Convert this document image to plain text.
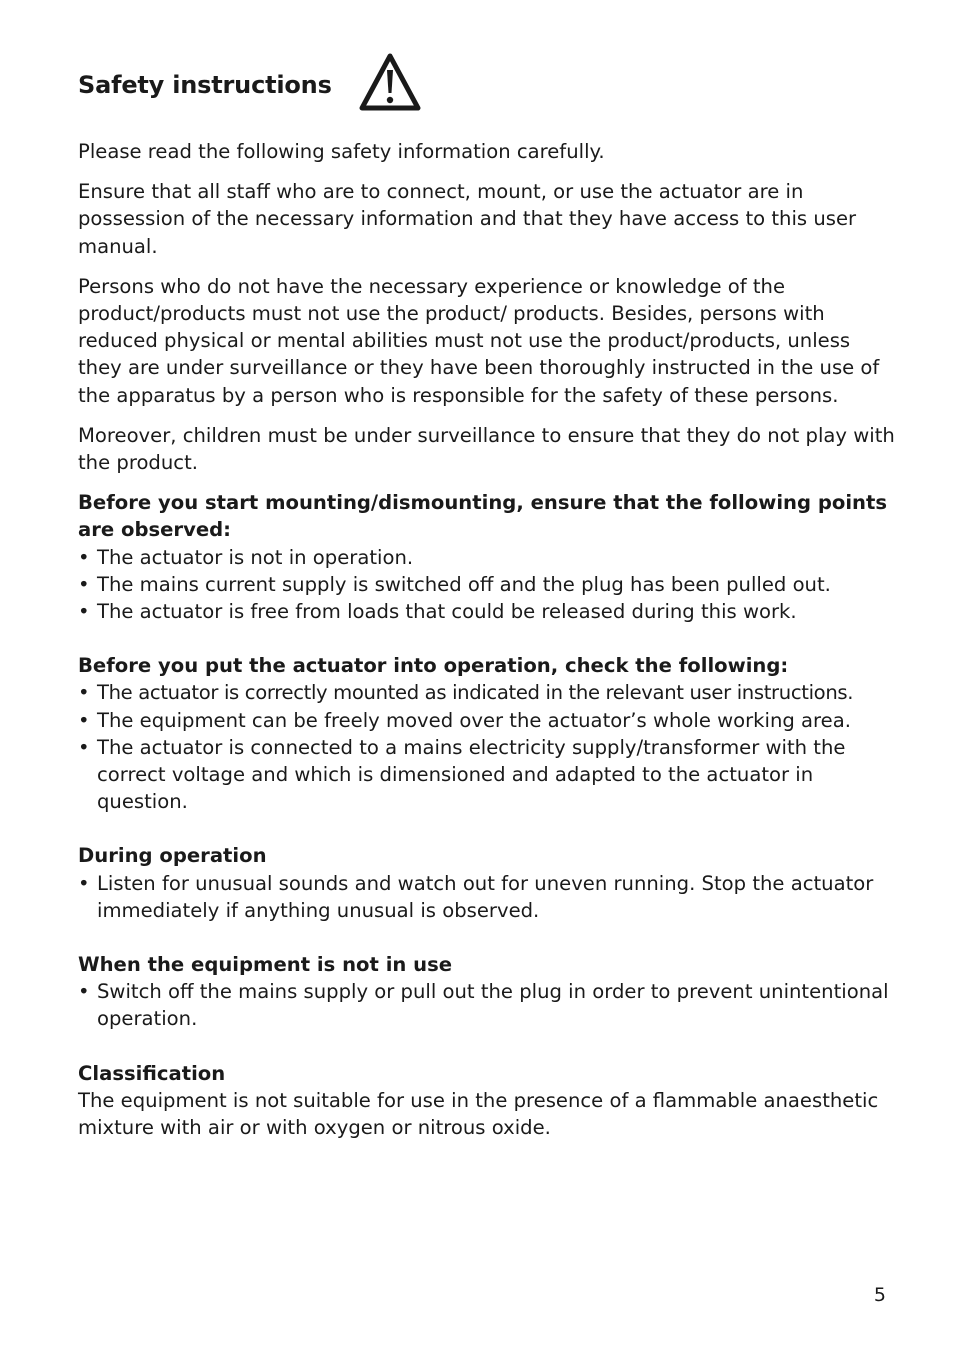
Safety instructions

Please read the following safety information carefully.

Ensure that all staff who are to connect, mount, or use the actuator are in possession of the necessary information and that they have access to this user manual.

Persons who do not have the necessary experience or knowledge of the product/products must not use the product/ products. Besides, persons with reduced physical or mental abilities must not use the product/products, unless they are under surveillance or they have been thoroughly instructed in the use of the apparatus by a person who is responsible for the safety of these persons.

Moreover, children must be under surveillance to ensure that they do not play with the product.

Before you start mounting/dismounting, ensure that the following points are observed:
• The actuator is not in operation.
• The mains current supply is switched off and the plug has been pulled out.
• The actuator is free from loads that could be released during this work.
Before you put the actuator into operation, check the following:
• The actuator is correctly mounted as indicated in the relevant user instructions.
• The equipment can be freely moved over the actuator’s whole working area.
• The actuator is connected to a mains electricity supply/transformer with the correct voltage and which is dimensioned and adapted to the actuator in question.
During operation
• Listen for unusual sounds and watch out for uneven running. Stop the actuator immediately if anything unusual is observed.
When the equipment is not in use
• Switch off the mains supply or pull out the plug in order to prevent unintentional operation.
Classification
The equipment is not suitable for use in the presence of a flammable anaesthetic mixture with air or with oxygen or nitrous oxide.
5
